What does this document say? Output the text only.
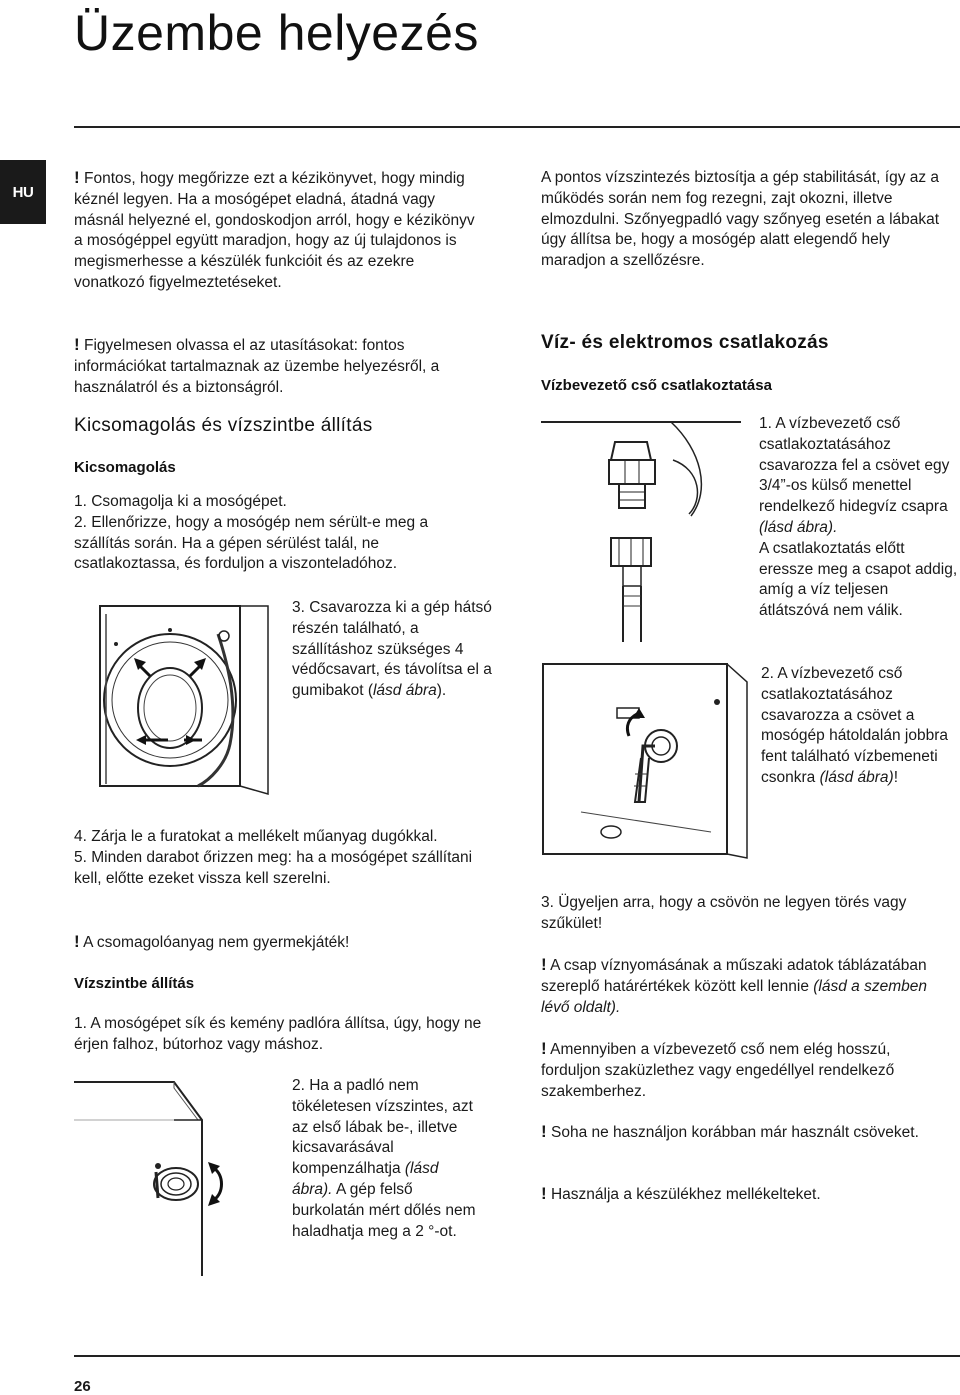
Üzembe helyezés
HU

! Fontos, hogy megőrizze ezt a kézikönyvet, hogy mindig kéznél legyen. Ha a mosógépet eladná, átadná vagy másnál helyezné el, gondoskodjon arról, hogy e kézikönyv a mosógéppel együtt maradjon, hogy az új tulajdonos is megismerhesse a készülék funkcióit és az ezekre vonatkozó figyelmeztetéseket.

! Figyelmesen olvassa el az utasításokat: fontos információkat tartalmaznak az üzembe helyezésről, a használatról és a biztonságról.

Kicsomagolás és vízszintbe állítás
Kicsomagolás

1. Csomagolja ki a mosógépet.

2. Ellenőrizze, hogy a mosógép nem sérült-e meg a szállítás során. Ha a gépen sérülést talál, ne csatlakoztassa, és forduljon a viszonteladóhoz.

3. Csavarozza ki a gép hátsó részén található, a szállításhoz szükséges 4 védőcsavart, és távolítsa el a gumibakot (lásd ábra).

4. Zárja le a furatokat a mellékelt műanyag dugókkal.

5. Minden darabot őrizzen meg: ha a mosógépet szállítani kell, előtte ezeket vissza kell szerelni.

! A csomagolóanyag nem gyermekjáték!

Vízszintbe állítás
1. A mosógépet sík és kemény padlóra állítsa, úgy, hogy ne érjen falhoz, bútorhoz vagy máshoz.

2. Ha a padló nem tökéletesen vízszintes, azt az első lábak be-, illetve kicsavarásával kompenzálhatja (lásd ábra). A gép felső burkolatán mért dőlés nem haladhatja meg a 2 °-ot.

A pontos vízszintezés biztosítja a gép stabilitását, így az a működés során nem fog rezegni, zajt okozni, illetve elmozdulni. Szőnyegpadló vagy szőnyeg esetén a lábakat úgy állítsa be, hogy a mosógép alatt elegendő hely maradjon a szellőzésre.
Víz- és elektromos csatlakozás
Vízbevezető cső csatlakoztatása

1. A vízbevezető cső csatlakoztatásához csavarozza fel a csövet egy 3/4”-os külső menettel rendelkező hidegvíz csapra (lásd ábra).

A csatlakoztatás előtt eressze meg a csapot addig, amíg a víz teljesen átlátszóvá nem válik.

2. A vízbevezető cső csatlakoztatásához csavarozza a csövet a mosógép hátoldalán jobbra fent található vízbemeneti csonkra (lásd ábra)!

3. Ügyeljen arra, hogy a csövön ne legyen törés vagy szűkület!

! A csap víznyomásának a műszaki adatok táblázatában szereplő határértékek között kell lennie (lásd a szemben lévő oldalt).

! Amennyiben a vízbevezető cső nem elég hosszú, forduljon szaküzlethez vagy engedéllyel rendelkező szakemberhez.

! Soha ne használjon korábban már használt csöveket.

! Használja a készülékhez mellékelteket.

26
